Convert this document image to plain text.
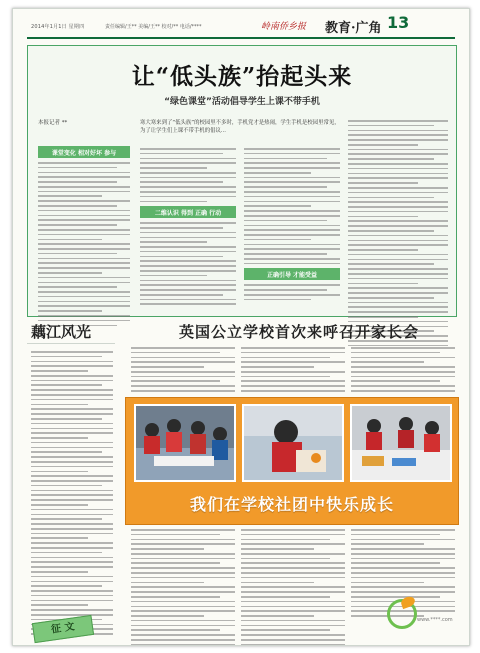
2014年1月1日 星期四	责任编辑/王** 美编/王** 校对/** 电话/****	岭南侨乡报 教育·广角 13
让“低头族”抬起头来
“绿色课堂”活动倡导学生上课不带手机
本报记者 **	寒大寒来到了“低头族”的校园里不多时，手机党才是热闹，学生手机是校园里常见，为了让学生们上课不带手机的倡议...
课堂变化 相对好坏 参与
二维认识 得到 正确 行动
正确引导 才能受益
藕江风光
征 文
英国公立学校首次来呼召开家长会
我们在学校社团中快乐成长
www.****.com
